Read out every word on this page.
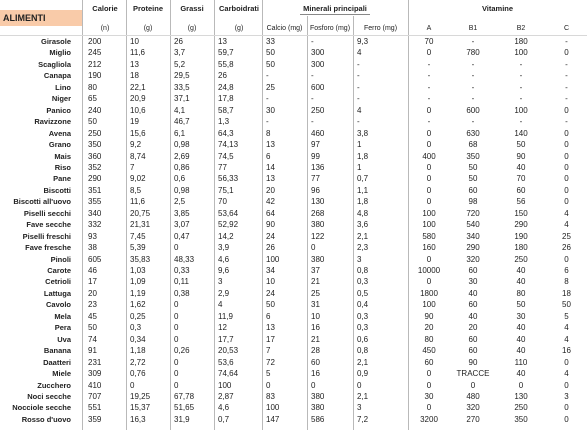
ALIMENTI
Calorie	Proteine	Grassi	Carboidrati	Minerali principali	Vitamine
(n)	(g)	(g)	(g)	Calcio (mg)	Fosforo (mg)	Ferro (mg)	A	B1	B2	C
Girasole 200	10	26	13	33	-	9,3	70	-	180	-
Miglio 245	11,6	3,7	59,7	50	300	4	0	780	100	0
Scagliola 212	13	5,2	55,8	50	300	-	-	-	-	-
Canapa 190	18	29,5	26	-	-	-	-	-	-	-
Lino 80	22,1	33,5	24,8	25	600	-	-	-	-	-
Niger 65	20,9	37,1	17,8	-	-	-	-	-	-	-
Panico 240	10,6	4,1	58,7	30	250	4	0	600	100	0
Ravizzone 50	19	46,7	1,3	-	-	-	-	-	-	-
Avena 250	15,6	6,1	64,3	8	460	3,8	0	630	140	0
Grano 350	9,2	0,98	74,13	13	97	1	0	68	50	0
Mais 360	8,74	2,69	74,5	6	99	1,8	400	350	90	0
Riso 352	7	0,86	77	14	136	1	0	50	40	0
Pane 290	9,02	0,6	56,33	13	77	0,7	0	50	70	0
Biscotti 351	8,5	0,98	75,1	20	96	1,1	0	60	60	0
Biscotti all'uovo 355	11,6	2,5	70	42	130	1,8	0	98	56	0
Piselli secchi 340	20,75	3,85	53,64	64	268	4,8	100	720	150	4
Fave secche 332	21,31	3,07	52,92	90	380	3,6	100	540	290	4
Piselli freschi 93	7,45	0,47	14,2	24	122	2,1	580	340	190	25
Fave fresche 38	5,39	0	3,9	26	0	2,3	160	290	180	26
Pinoli 605	35,83	48,33	4,6	100	380	3	0	320	250	0
Carote 46	1,03	0,33	9,6	34	37	0,8	10000	60	40	6
Cetrioli 17	1,09	0,11	3	10	21	0,3	0	30	40	8
Lattuga 20	1,19	0,38	2,9	24	25	0,5	1800	40	80	18
Cavolo 23	1,62	0	4	50	31	0,4	100	60	50	50
Mela 45	0,25	0	11,9	6	10	0,3	90	40	30	5
Pera 50	0,3	0	12	13	16	0,3	20	20	40	4
Uva 74	0,34	0	17,7	17	21	0,6	80	60	40	4
Banana 91	1,18	0,26	20,53	7	28	0,8	450	60	40	16
Daatteri 231	2,72	0	53,6	72	60	2,1	60	90	110	0
Miele 309	0,76	0	74,64	5	16	0,9	0	TRACCE	40	4
Zucchero 410	0	0	100	0	0	0	0	0	0	0
Noci secche 707	19,25	67,78	2,87	83	380	2,1	30	480	130	3
Nocciole secche 551	15,37	51,65	4,6	100	380	3	0	320	250	0
Rosso d'uovo 359	16,3	31,9	0,7	147	586	7,2	3200	270	350	0
